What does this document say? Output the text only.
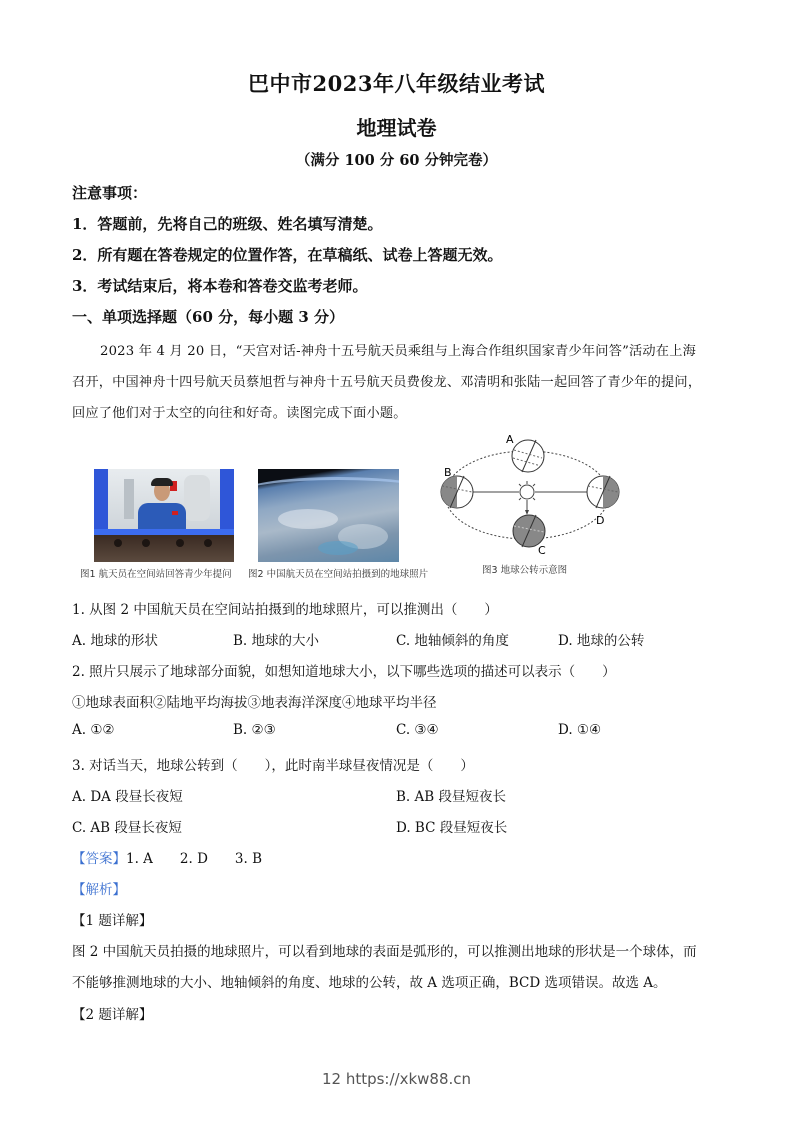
巴中市2023年八年级结业考试
地理试卷
（满分 100 分 60 分钟完卷）
注意事项：
1．答题前，先将自己的班级、姓名填写清楚。
2．所有题在答卷规定的位置作答，在草稿纸、试卷上答题无效。
3．考试结束后，将本卷和答卷交监考老师。
一、单项选择题（60 分，每小题 3 分）
2023 年 4 月 20 日，“天宫对话-神舟十五号航天员乘组与上海合作组织国家青少年问答”活动在上海
召开，中国神舟十四号航天员蔡旭哲与神舟十五号航天员费俊龙、邓清明和张陆一起回答了青少年的提问，
回应了他们对于太空的向往和好奇。读图完成下面小题。
图1 航天员在空间站回答青少年提问 图2 中国航天员在空间站拍摄到的地球照片
A
B
C
D
图3 地球公转示意图
1. 从图 2 中国航天员在空间站拍摄到的地球照片，可以推测出（　　）
A. 地球的形状	B. 地球的大小	C. 地轴倾斜的角度	D. 地球的公转
2. 照片只展示了地球部分面貌，如想知道地球大小，以下哪些选项的描述可以表示（　　）
①地球表面积②陆地平均海拔③地表海洋深度④地球平均半径
A. ①②	B. ②③	C. ③④	D. ①④
3. 对话当天，地球公转到（　　），此时南半球昼夜情况是（　　）
A. DA 段昼长夜短	B. AB 段昼短夜长
C. AB 段昼长夜短	D. BC 段昼短夜长
【答案】1. A　　2. D　　3. B
【解析】
【1 题详解】
图 2 中国航天员拍摄的地球照片，可以看到地球的表面是弧形的，可以推测出地球的形状是一个球体，而
不能够推测地球的大小、地轴倾斜的角度、地球的公转，故 A 选项正确，BCD 选项错误。故选 A。
【2 题详解】
12 https://xkw88.cn
